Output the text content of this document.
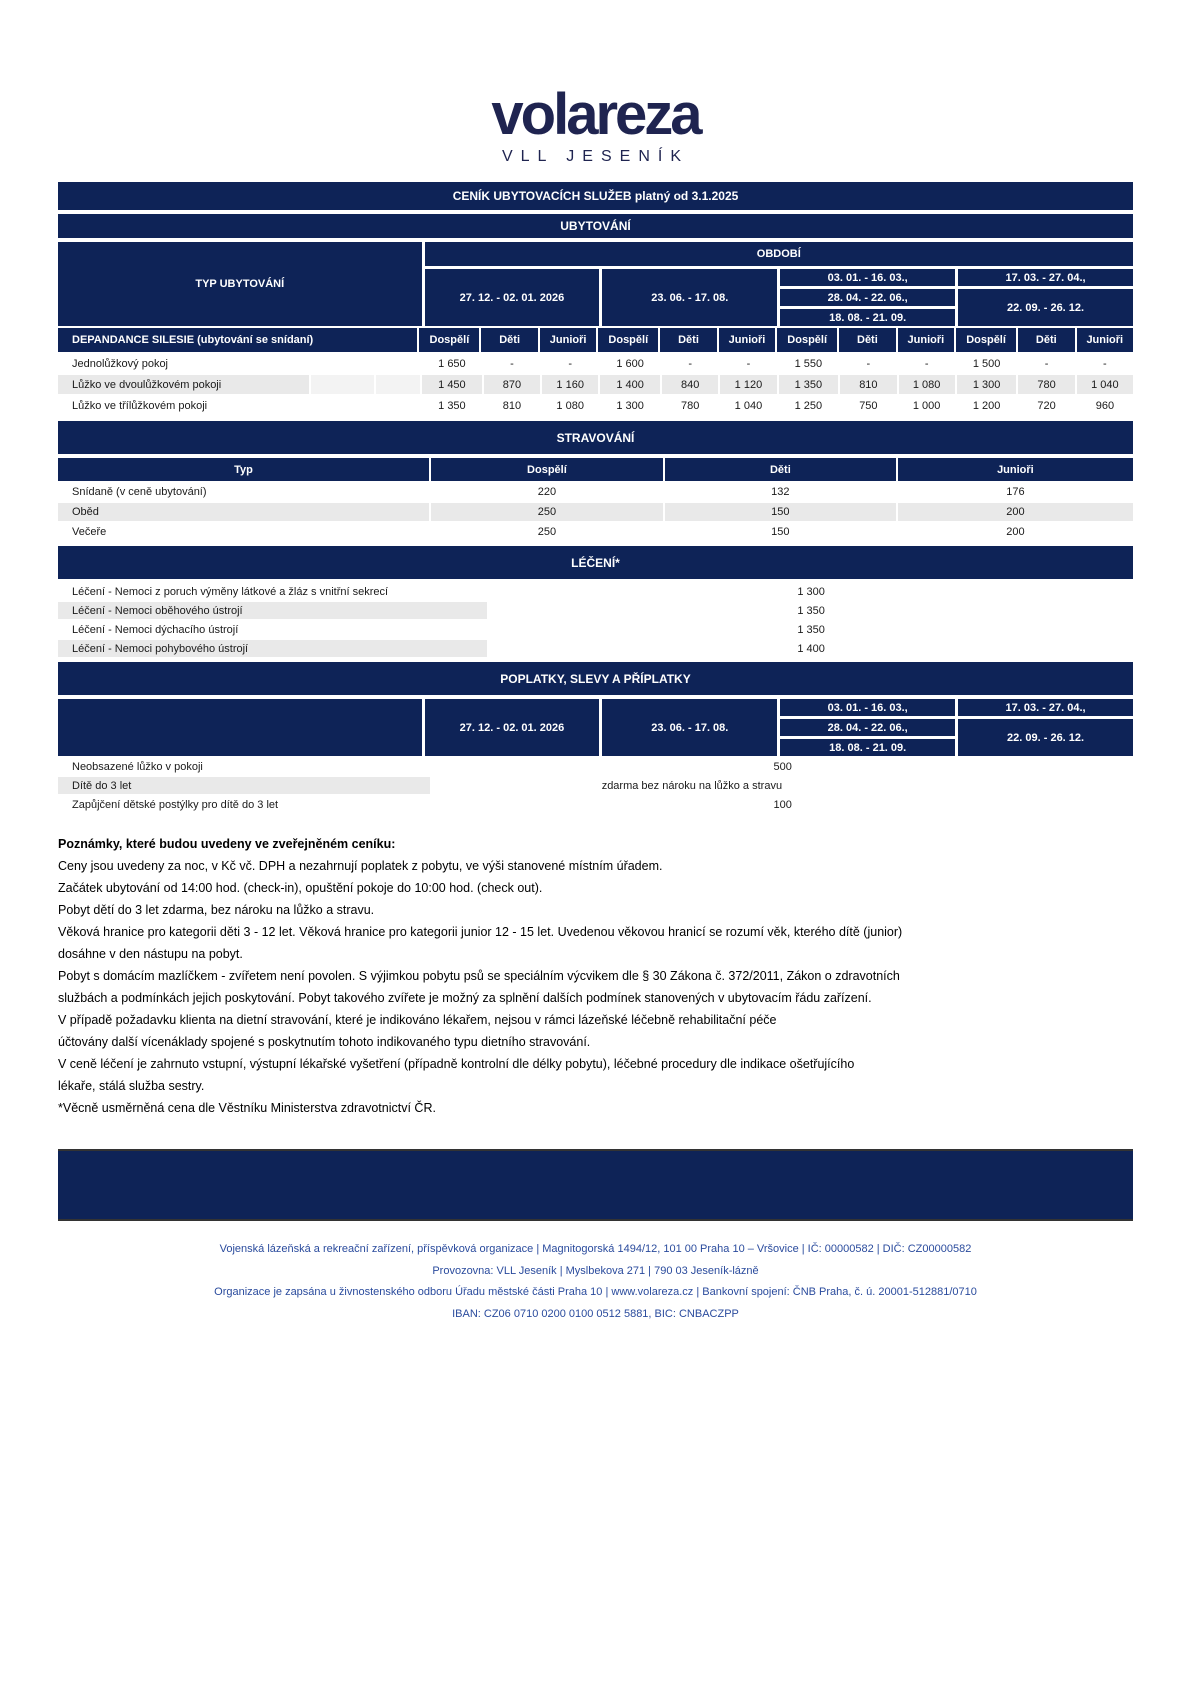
volareza
VLL JESENÍK
CENÍK UBYTOVACÍCH SLUŽEB platný od 3.1.2025
UBYTOVÁNÍ
TYP UBYTOVÁNÍ
OBDOBÍ
27. 12. - 02. 01. 2026	23. 06. - 17. 08.
03. 01. - 16. 03.,
28. 04. - 22. 06.,
18. 08. - 21. 09.
17. 03. - 27. 04.,
22. 09. - 26. 12.
DEPANDANCE SILESIE (ubytování se snídaní)	Dospělí	Děti	Junioři	Dospělí	Děti	Junioři	Dospělí	Děti	Junioři	Dospělí	Děti	Junioři
Jednolůžkový pokoj	1 650	-	-	1 600	-	-	1 550	-	-	1 500	-	-
Lůžko ve dvoulůžkovém pokoji	1 450	870	1 160	1 400	840	1 120	1 350	810	1 080	1 300	780	1 040
Lůžko ve třílůžkovém pokoji	1 350	810	1 080	1 300	780	1 040	1 250	750	1 000	1 200	720	960
STRAVOVÁNÍ
Typ	Dospělí	Děti	Junioři
Snídaně (v ceně ubytování)	220	132	176
Oběd	250	150	200
Večeře	250	150	200
LÉČENÍ*
Léčení - Nemoci z poruch výměny látkové a žláz s vnitřní sekrecí	1 300
Léčení - Nemoci oběhového ústrojí	1 350
Léčení - Nemoci dýchacího ústrojí	1 350
Léčení - Nemoci pohybového ústrojí	1 400
POPLATKY, SLEVY A PŘÍPLATKY
27. 12. - 02. 01. 2026	23. 06. - 17. 08.
03. 01. - 16. 03.,
28. 04. - 22. 06.,
18. 08. - 21. 09.
17. 03. - 27. 04.,
22. 09. - 26. 12.
Neobsazené lůžko v pokoji	500
Dítě do 3 let	zdarma bez nároku na lůžko a stravu
Zapůjčení dětské postýlky pro dítě do 3 let	100
Poznámky, které budou uvedeny ve zveřejněném ceníku:
Ceny jsou uvedeny za noc, v Kč vč. DPH a nezahrnují poplatek z pobytu, ve výši stanovené místním úřadem.
Začátek ubytování od 14:00 hod. (check-in), opuštění pokoje do 10:00 hod. (check out).
Pobyt dětí do 3 let zdarma, bez nároku na lůžko a stravu.
Věková hranice pro kategorii děti 3 - 12 let. Věková hranice pro kategorii junior 12 - 15 let. Uvedenou věkovou hranicí se rozumí věk, kterého dítě (junior)
dosáhne v den nástupu na pobyt.
Pobyt s domácím mazlíčkem - zvířetem není povolen. S výjimkou pobytu psů se speciálním výcvikem dle § 30 Zákona č. 372/2011, Zákon o zdravotních
službách a podmínkách jejich poskytování. Pobyt takového zvířete je možný za splnění dalších podmínek stanovených v ubytovacím řádu zařízení.
V případě požadavku klienta na dietní stravování, které je indikováno lékařem, nejsou v rámci lázeňské léčebně rehabilitační péče
účtovány další vícenáklady spojené s poskytnutím tohoto indikovaného typu dietního stravování.
V ceně léčení je zahrnuto vstupní, výstupní lékařské vyšetření (případně kontrolní dle délky pobytu), léčebné procedury dle indikace ošetřujícího
lékaře, stálá služba sestry.
*Věcně usměrněná cena dle Věstníku Ministerstva zdravotnictví ČR.
Vojenská lázeňská a rekreační zařízení, příspěvková organizace | Magnitogorská 1494/12, 101 00 Praha 10 – Vršovice | IČ: 00000582 | DIČ: CZ00000582
Provozovna: VLL Jeseník | Myslbekova 271 | 790 03 Jeseník-lázně
Organizace je zapsána u živnostenského odboru Úřadu městské části Praha 10 | www.volareza.cz | Bankovní spojení: ČNB Praha, č. ú. 20001-512881/0710
IBAN: CZ06 0710 0200 0100 0512 5881, BIC: CNBACZPP
